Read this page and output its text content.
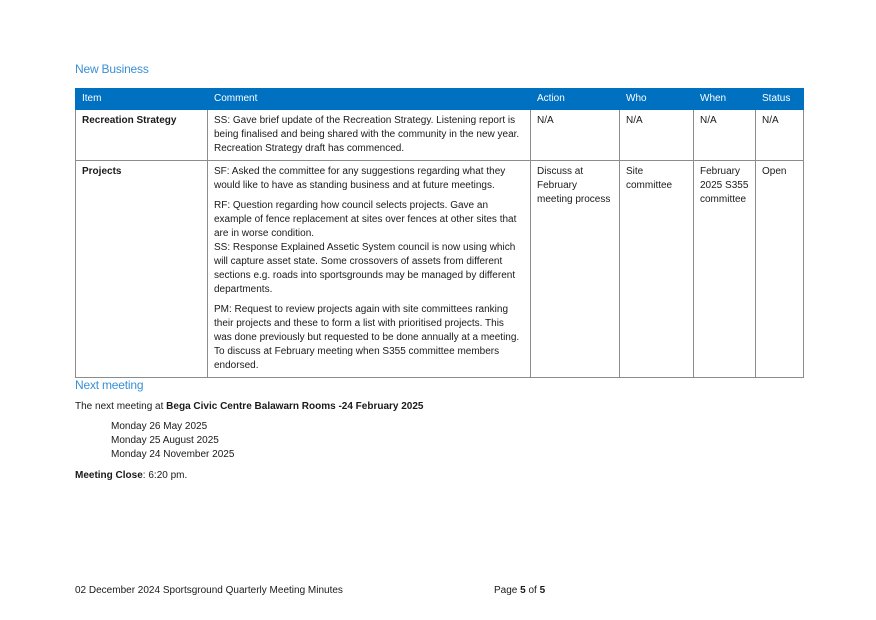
New Business
Item	Comment	Action	Who	When	Status
Recreation Strategy	SS: Gave brief update of the Recreation Strategy. Listening report is being finalised and being shared with the community in the new year. Recreation Strategy draft has commenced.	N/A	N/A	N/A	N/A
Projects	SF: Asked the committee for any suggestions regarding what they would like to have as standing business and at future meetings.

RF: Question regarding how council selects projects. Gave an example of fence replacement at sites over fences at other sites that are in worse condition.

SS: Response Explained Assetic System council is now using which will capture asset state. Some crossovers of assets from different sections e.g. roads into sportsgrounds may be managed by different departments.

PM: Request to review projects again with site committees ranking their projects and these to form a list with prioritised projects. This was done previously but requested to be done annually at a meeting. To discuss at February meeting when S355 committee members endorsed.	Discuss at February meeting process	Site committee	February 2025 S355 committee	Open
Next meeting
The next meeting at Bega Civic Centre Balawarn Rooms -24 February 2025
Monday 26 May 2025
Monday 25 August 2025
Monday 24 November 2025
Meeting Close: 6:20 pm.
02 December 2024 Sportsground Quarterly Meeting Minutes	Page 5 of 5
